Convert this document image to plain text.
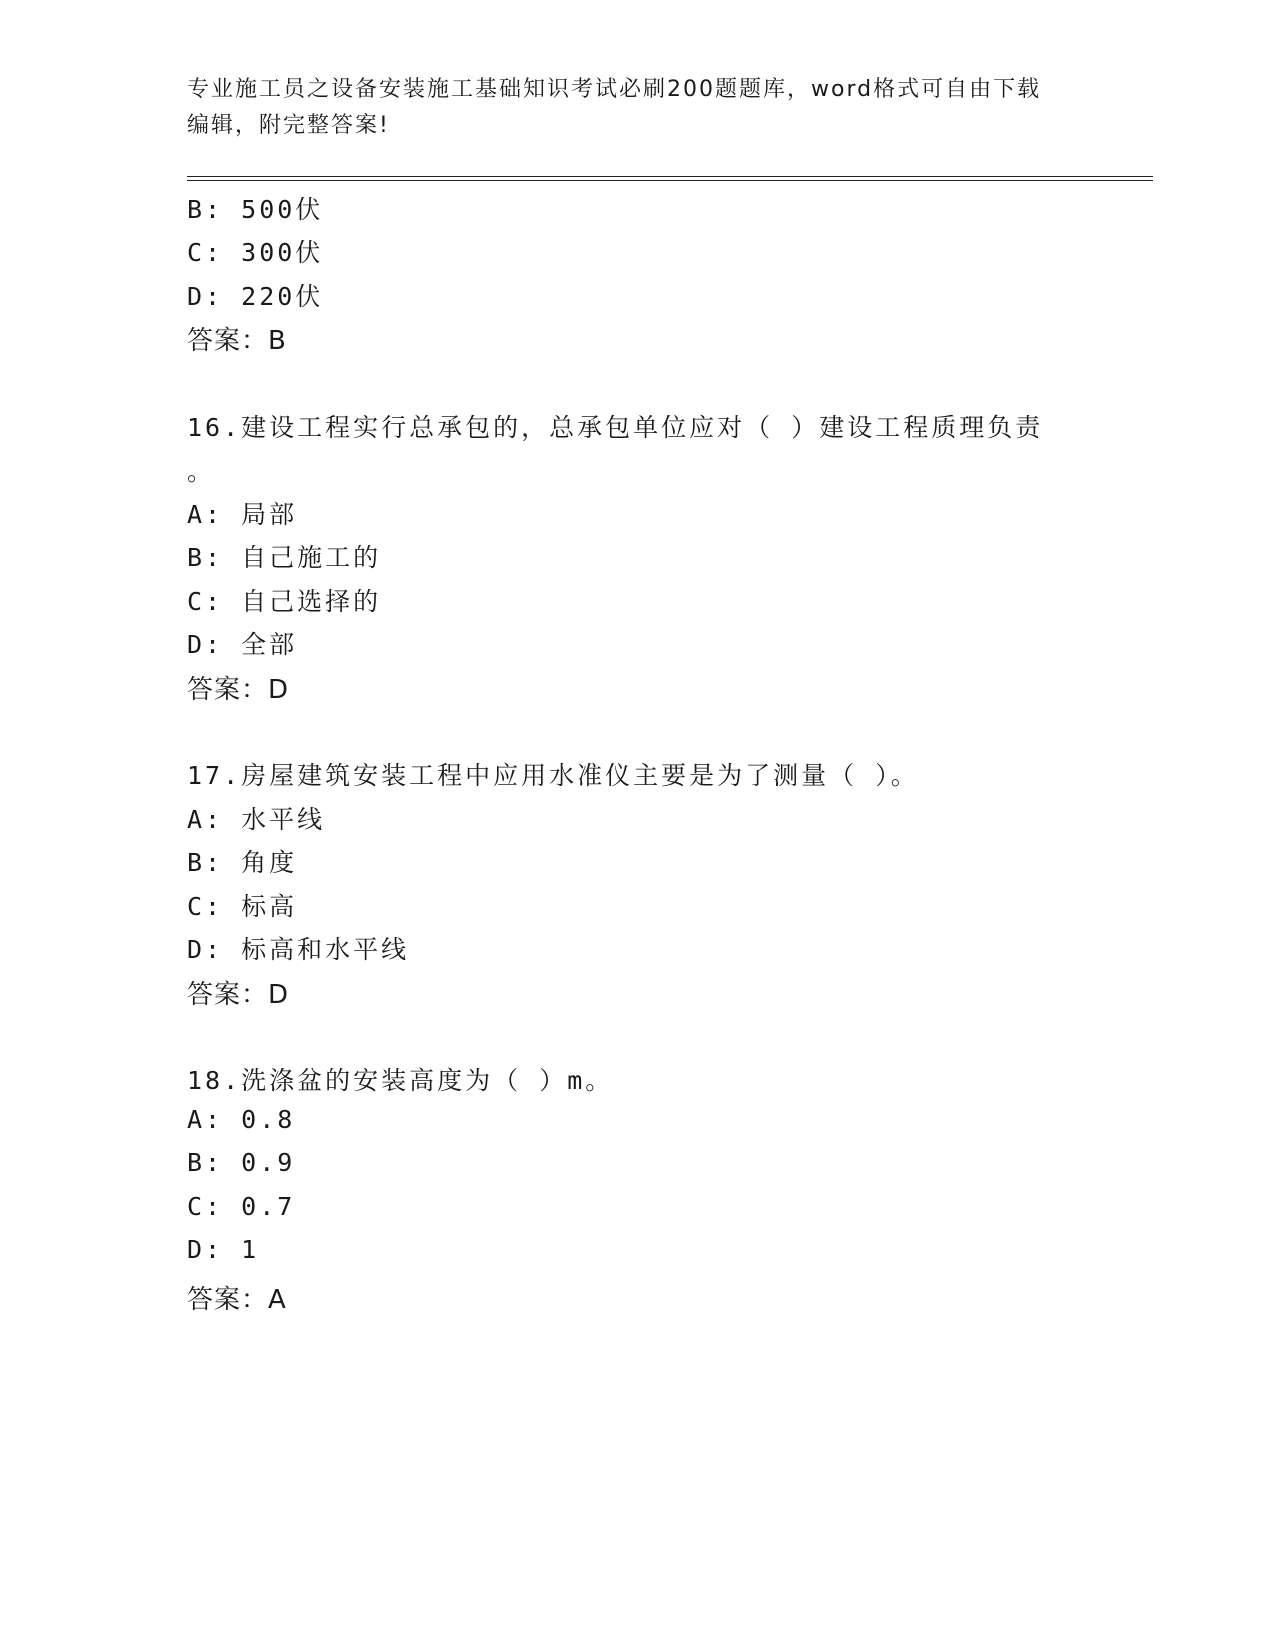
专业施工员之设备安装施工基础知识考试必刷200题题库，word格式可自由下载
编辑，附完整答案!
B: 500伏
C: 300伏
D: 220伏
答案：B
16.建设工程实行总承包的，总承包单位应对（ ）建设工程质理负责
。
A: 局部
B: 自己施工的
C: 自己选择的
D: 全部
答案：D
17.房屋建筑安装工程中应用水准仪主要是为了测量（ ）。
A: 水平线
B: 角度
C: 标高
D: 标高和水平线
答案：D
18.洗涤盆的安装高度为（ ）m。
A: 0.8
B: 0.9
C: 0.7
D: 1
答案：A
